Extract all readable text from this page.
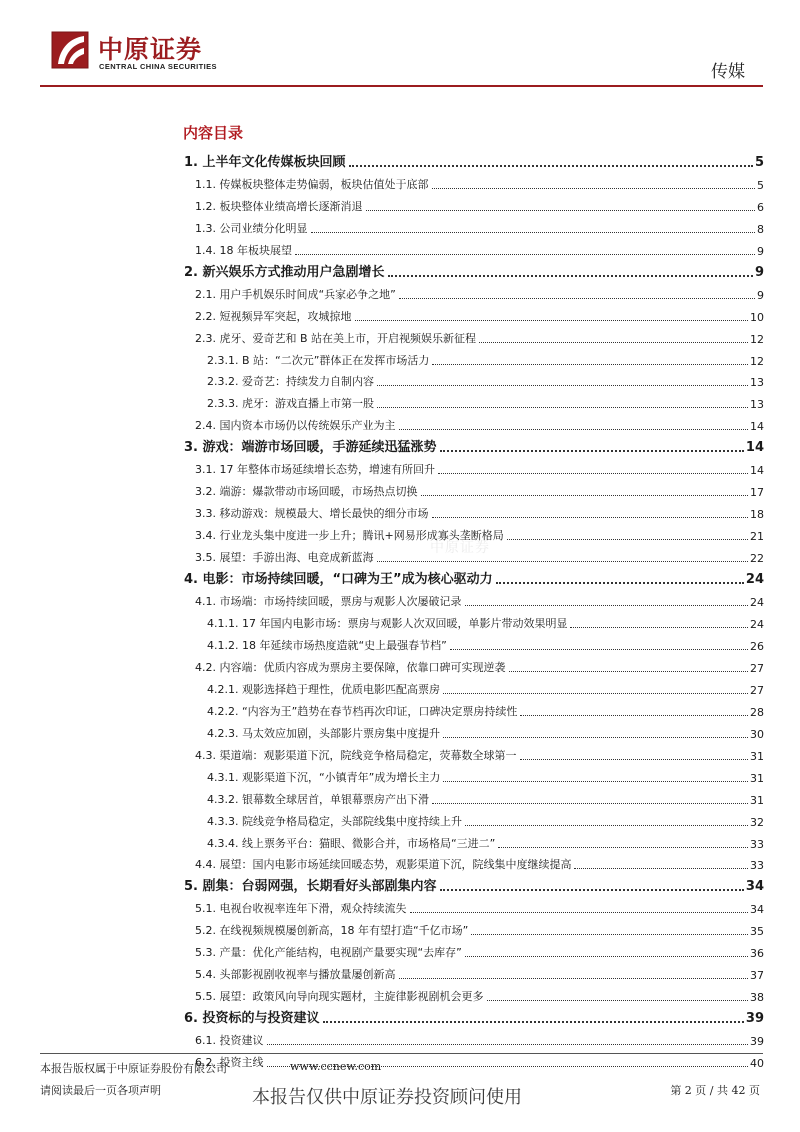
中原证券
CENTRAL CHINA SECURITIES	传媒
内容目录
1. 上半年文化传媒板块回顾	5
1.1. 传媒板块整体走势偏弱，板块估值处于底部	5
1.2. 板块整体业绩高增长逐渐消退	6
1.3. 公司业绩分化明显	8
1.4. 18 年板块展望	9
2. 新兴娱乐方式推动用户急剧增长	9
2.1. 用户手机娱乐时间成“兵家必争之地”	9
2.2. 短视频异军突起，攻城掠地	10
2.3. 虎牙、爱奇艺和 B 站在美上市，开启视频娱乐新征程	12
2.3.1. B 站：“二次元”群体正在发挥市场活力	12
2.3.2. 爱奇艺：持续发力自制内容	13
2.3.3. 虎牙：游戏直播上市第一股	13
2.4. 国内资本市场仍以传统娱乐产业为主	14
3. 游戏：端游市场回暖，手游延续迅猛涨势	14
3.1. 17 年整体市场延续增长态势，增速有所回升	14
3.2. 端游：爆款带动市场回暖，市场热点切换	17
3.3. 移动游戏：规模最大、增长最快的细分市场	18
3.4. 行业龙头集中度进一步上升；腾讯+网易形成寡头垄断格局	21
3.5. 展望：手游出海、电竞成新蓝海	22
4. 电影：市场持续回暖，“口碑为王”成为核心驱动力	24
4.1. 市场端：市场持续回暖，票房与观影人次屡破记录	24
4.1.1. 17 年国内电影市场：票房与观影人次双回暖，单影片带动效果明显	24
4.1.2. 18 年延续市场热度造就“史上最强春节档”	26
4.2. 内容端：优质内容成为票房主要保障，依靠口碑可实现逆袭	27
4.2.1. 观影选择趋于理性，优质电影匹配高票房	27
4.2.2. “内容为王”趋势在春节档再次印证，口碑决定票房持续性	28
4.2.3. 马太效应加剧，头部影片票房集中度提升	30
4.3. 渠道端：观影渠道下沉，院线竞争格局稳定，荧幕数全球第一	31
4.3.1. 观影渠道下沉，“小镇青年”成为增长主力	31
4.3.2. 银幕数全球居首，单银幕票房产出下滑	31
4.3.3. 院线竞争格局稳定，头部院线集中度持续上升	32
4.3.4. 线上票务平台：猫眼、微影合并，市场格局“三进二”	33
4.4. 展望：国内电影市场延续回暖态势，观影渠道下沉，院线集中度继续提高	33
5. 剧集：台弱网强，长期看好头部剧集内容	34
5.1. 电视台收视率连年下滑，观众持续流失	34
5.2. 在线视频规模屡创新高，18 年有望打造“千亿市场”	35
5.3. 产量：优化产能结构，电视剧产量要实现“去库存”	36
5.4. 头部影视剧收视率与播放量屡创新高	37
5.5. 展望：政策风向导向现实题材，主旋律影视剧机会更多	38
6. 投资标的与投资建议	39
6.1. 投资建议	39
6.2. 投资主线	40
中原证券
本报告版权属于中原证券股份有限公司	www.ccnew.com
请阅读最后一页各项声明	本报告仅供中原证券投资顾问使用	第 2 页 / 共 42 页
